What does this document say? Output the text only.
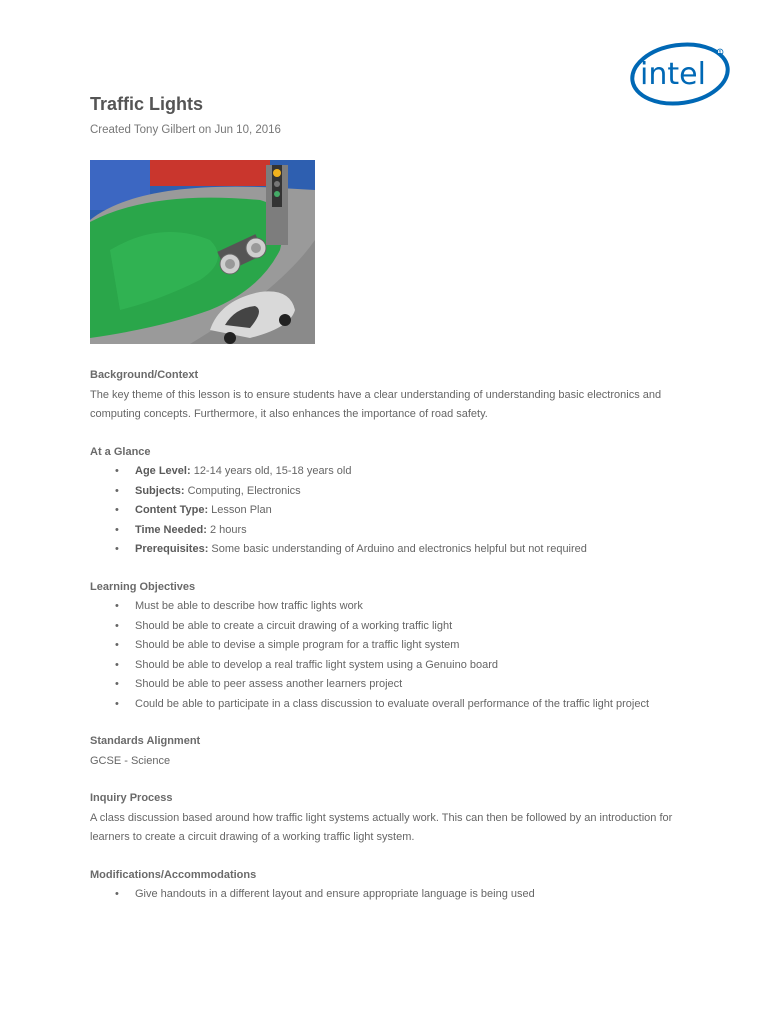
intel
R
Traffic Lights

Created Tony Gilbert on Jun 10, 2016

Background/Context

The key theme of this lesson is to ensure students have a clear understanding of understanding basic electronics and computing concepts. Furthermore, it also enhances the importance of road safety.

At a Glance
• Age Level: 12-14 years old, 15-18 years old
• Subjects: Computing, Electronics
• Content Type: Lesson Plan
• Time Needed: 2 hours
• Prerequisites: Some basic understanding of Arduino and electronics helpful but not required
Learning Objectives
• Must be able to describe how traffic lights work
• Should be able to create a circuit drawing of a working traffic light
• Should be able to devise a simple program for a traffic light system
• Should be able to develop a real traffic light system using a Genuino board
• Should be able to peer assess another learners project
• Could be able to participate in a class discussion to evaluate overall performance of the traffic light project
Standards Alignment

GCSE - Science

Inquiry Process

A class discussion based around how traffic light systems actually work. This can then be followed by an introduction for learners to create a circuit drawing of a working traffic light system.

Modifications/Accommodations
• Give handouts in a different layout and ensure appropriate language is being used
